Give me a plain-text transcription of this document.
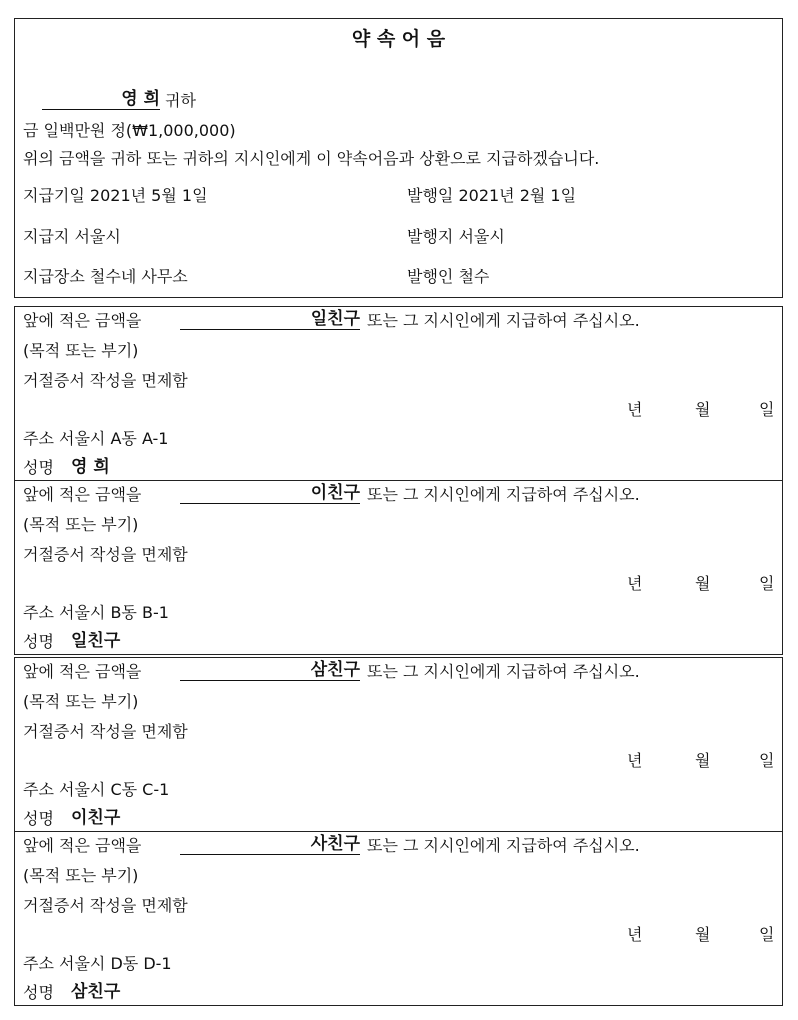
약 속 어 음
영 희 귀하
금 일백만원 정(₩1,000,000)
위의 금액을 귀하 또는 귀하의 지시인에게 이 약속어음과 상환으로 지급하겠습니다.
지급기일 2021년 5월 1일	발행일 2021년 2월 1일
지급지 서울시	발행지 서울시
지급장소 철수네 사무소	발행인 철수
앞에 적은 금액을	일친구 또는 그 지시인에게 지급하여 주십시오.
(목적 또는 부기)
거절증서 작성을 면제함
년	월	일
주소 서울시 A동 A-1
성명 영 희
앞에 적은 금액을	이친구 또는 그 지시인에게 지급하여 주십시오.
(목적 또는 부기)
거절증서 작성을 면제함
년	월	일
주소 서울시 B동 B-1
성명 일친구
앞에 적은 금액을	삼친구 또는 그 지시인에게 지급하여 주십시오.
(목적 또는 부기)
거절증서 작성을 면제함
년	월	일
주소 서울시 C동 C-1
성명 이친구
앞에 적은 금액을	사친구 또는 그 지시인에게 지급하여 주십시오.
(목적 또는 부기)
거절증서 작성을 면제함
년	월	일
주소 서울시 D동 D-1
성명 삼친구
